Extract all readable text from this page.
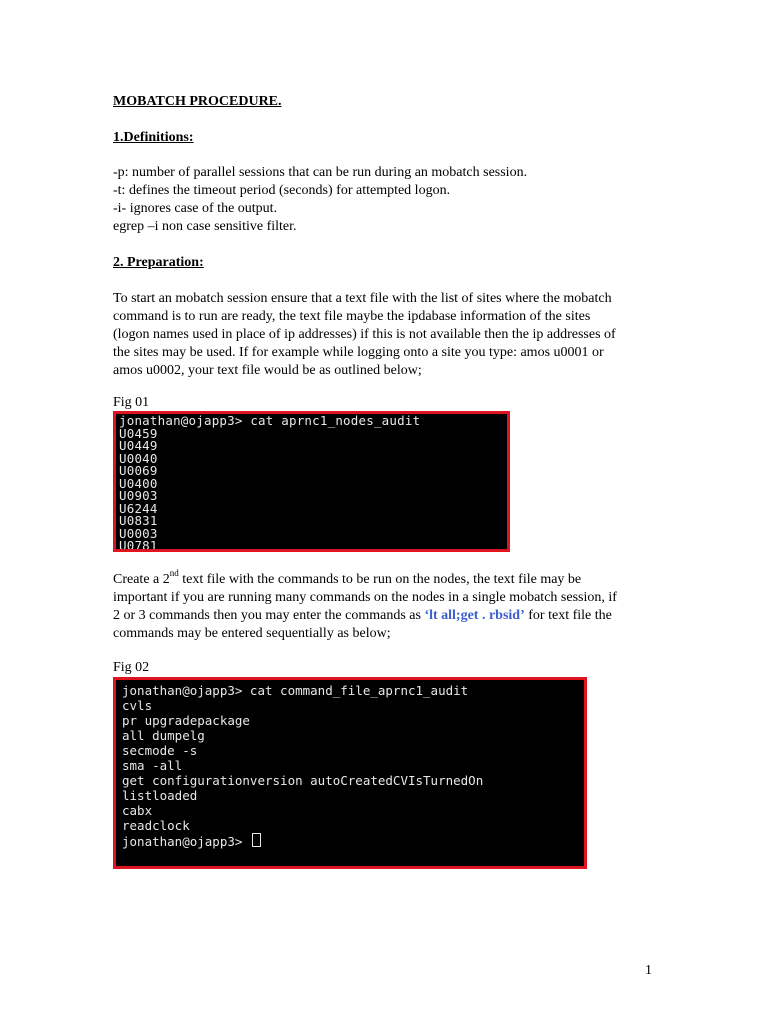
MOBATCH PROCEDURE.
1.Definitions:
-p: number of parallel sessions that can be run during an mobatch session.
-t: defines the timeout period (seconds) for attempted logon.
-i- ignores case of the output.
egrep –i non case sensitive filter.
2. Preparation:

To start an mobatch session ensure that a text file with the list of sites where the mobatch

command is to run are ready, the text file maybe the ipdabase information of the sites

(logon names used in place of ip addresses) if this is not available then the ip addresses of

the sites may be used. If for example while logging onto a site you type: amos u0001 or

amos u0002, your text file would be as outlined below;

Fig 01
jonathan@ojapp3> cat aprnc1_nodes_audit
U0459
U0449
U0040
U0069
U0400
U0903
U6244
U0831
U0003
U0781

Create a 2nd text file with the commands to be run on the nodes, the text file may be

important if you are running many commands on the nodes in a single mobatch session, if

2 or 3 commands then you may enter the commands as ‘lt all;get . rbsid’ for text file the

commands may be entered sequentially as below;

Fig 02
jonathan@ojapp3> cat command_file_aprnc1_audit
cvls
pr upgradepackage
all dumpelg
secmode -s
sma -all
get configurationversion autoCreatedCVIsTurnedOn
listloaded
cabx
readclock
jonathan@ojapp3>
1
